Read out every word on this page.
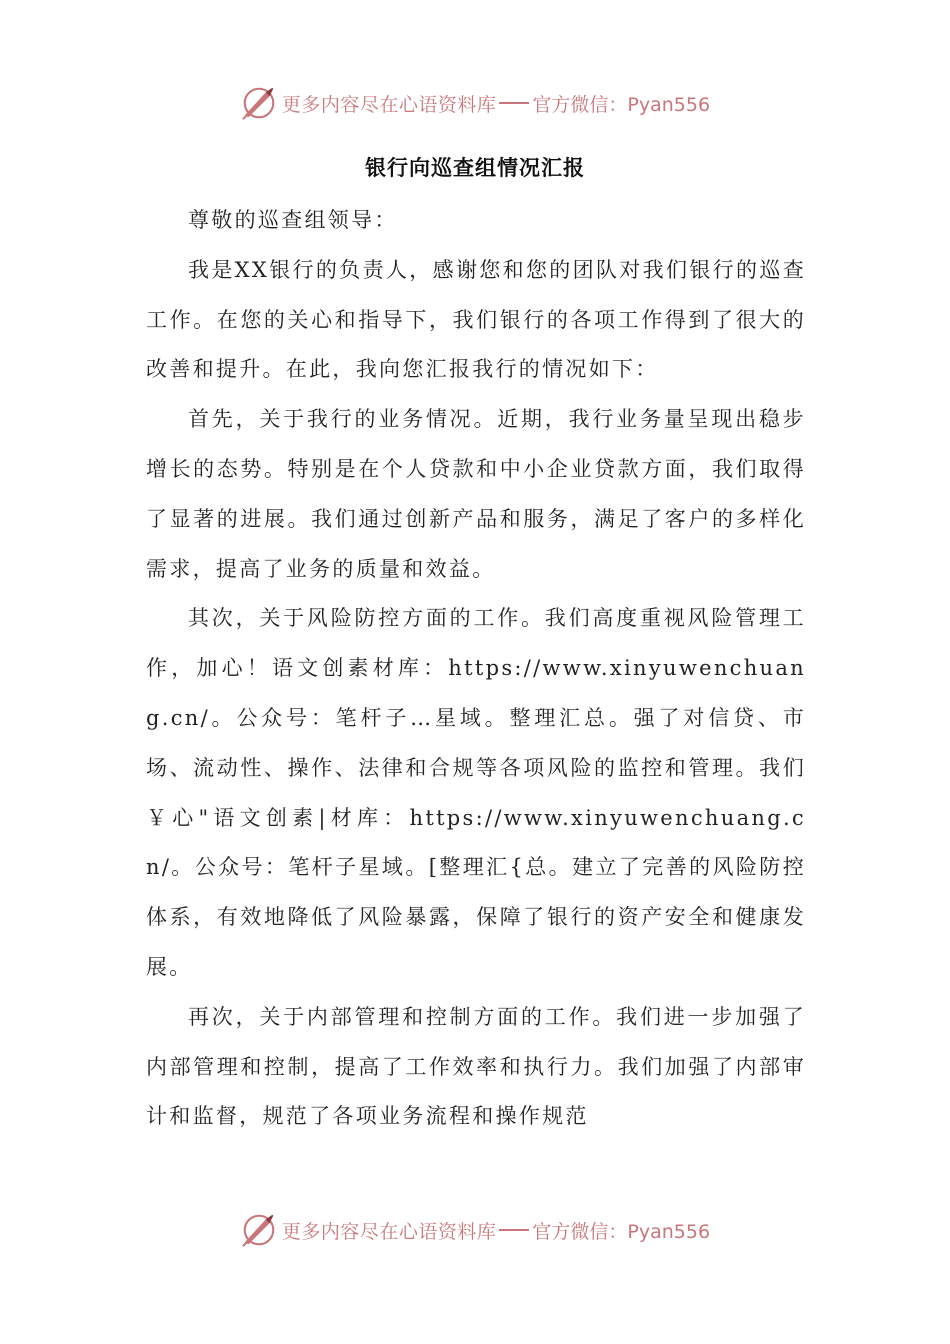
更多内容尽在心语资料库 官方微信：Pyan556
银行向巡查组情况汇报

尊敬的巡查组领导：

我是XX银行的负责人，感谢您和您的团队对我们银行的巡查工作。在您的关心和指导下，我们银行的各项工作得到了很大的改善和提升。在此，我向您汇报我行的情况如下：

首先，关于我行的业务情况。近期，我行业务量呈现出稳步增长的态势。特别是在个人贷款和中小企业贷款方面，我们取得了显著的进展。我们通过创新产品和服务，满足了客户的多样化需求，提高了业务的质量和效益。

其次，关于风险防控方面的工作。我们高度重视风险管理工作，加心！语文创素材库：https://www.xinyuwenchuang.cn/。公众号：笔杆子…星域。整理汇总。强了对信贷、市场、流动性、操作、法律和合规等各项风险的监控和管理。我们￥心"语文创素|材库：https://www.xinyuwenchuang.cn/。公众号：笔杆子星域。[整理汇{总。建立了完善的风险防控体系，有效地降低了风险暴露，保障了银行的资产安全和健康发展。

再次，关于内部管理和控制方面的工作。我们进一步加强了内部管理和控制，提高了工作效率和执行力。我们加强了内部审计和监督，规范了各项业务流程和操作规范

更多内容尽在心语资料库 官方微信：Pyan556
